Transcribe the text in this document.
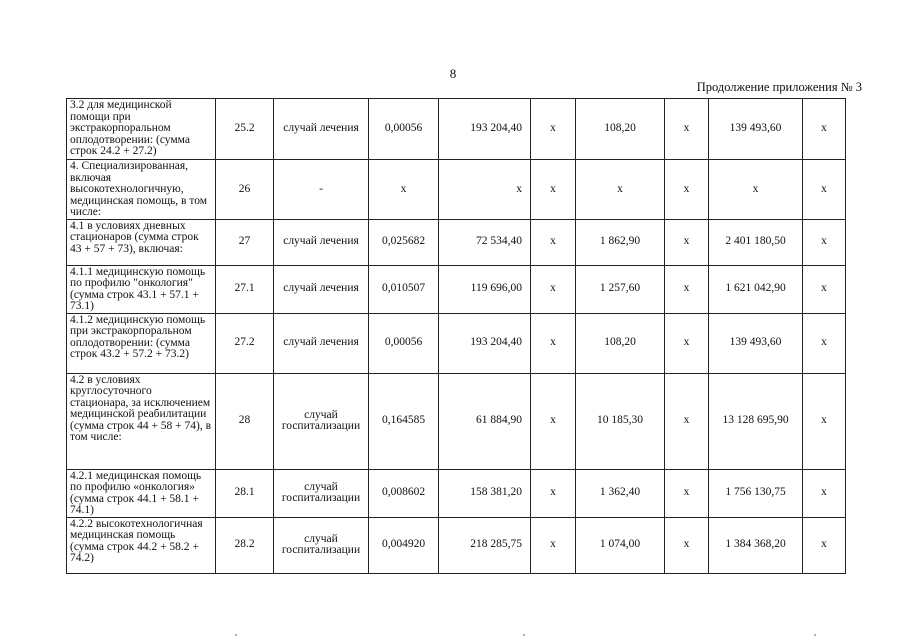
8
Продолжение приложения № 3
3.2 для медицинской помощи при экстракорпоральном оплодотворении: (сумма строк 24.2 + 27.2)	25.2	случай лечения	0,00056	193 204,40	х	108,20	х	139 493,60	х
4. Специализированная, включая высокотехнологичную, медицинская помощь, в том числе:	26	-	х	х	х	х	х	х	х
4.1 в условиях дневных стационаров (сумма строк 43 + 57 + 73), включая:	27	случай лечения	0,025682	72 534,40	х	1 862,90	х	2 401 180,50	х
4.1.1 медицинскую помощь по профилю "онкология" (сумма строк 43.1 + 57.1 + 73.1)	27.1	случай лечения	0,010507	119 696,00	х	1 257,60	х	1 621 042,90	х
4.1.2 медицинскую помощь при экстракорпоральном оплодотворении: (сумма строк 43.2 + 57.2 + 73.2)	27.2	случай лечения	0,00056	193 204,40	х	108,20	х	139 493,60	х
4.2 в условиях круглосуточного стационара, за исключением медицинской реабилитации (сумма строк 44 + 58 + 74), в том числе:	28	случай госпитализации	0,164585	61 884,90	х	10 185,30	х	13 128 695,90	х
4.2.1 медицинская помощь по профилю «онкология» (сумма строк 44.1 + 58.1 + 74.1)	28.1	случай госпитализации	0,008602	158 381,20	х	1 362,40	х	1 756 130,75	х
4.2.2 высокотехнологичная медицинская помощь (сумма строк 44.2 + 58.2 + 74.2)	28.2	случай госпитализации	0,004920	218 285,75	х	1 074,00	х	1 384 368,20	х
